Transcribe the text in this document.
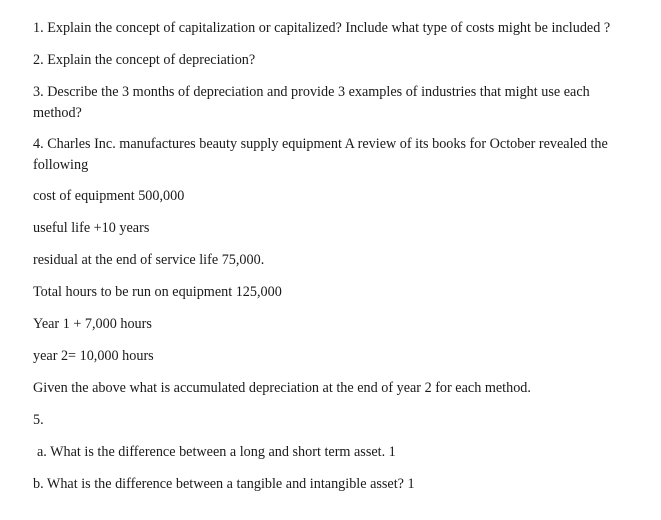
1. Explain the concept of capitalization or capitalized? Include what type of costs might be included ?
2. Explain the concept of depreciation?
3. Describe the 3 months of depreciation and provide 3 examples of industries that might use each
method?
4. Charles Inc. manufactures beauty supply equipment A review of its books for October revealed the
following
cost of equipment 500,000
useful life +10 years
residual at the end of service life 75,000.
Total hours to be run on equipment 125,000
Year 1 + 7,000 hours
year 2= 10,000 hours
Given the above what is accumulated depreciation at the end of year 2 for each method.
5.
a. What is the difference between a long and short term asset. 1
b. What is the difference between a tangible and intangible asset? 1
